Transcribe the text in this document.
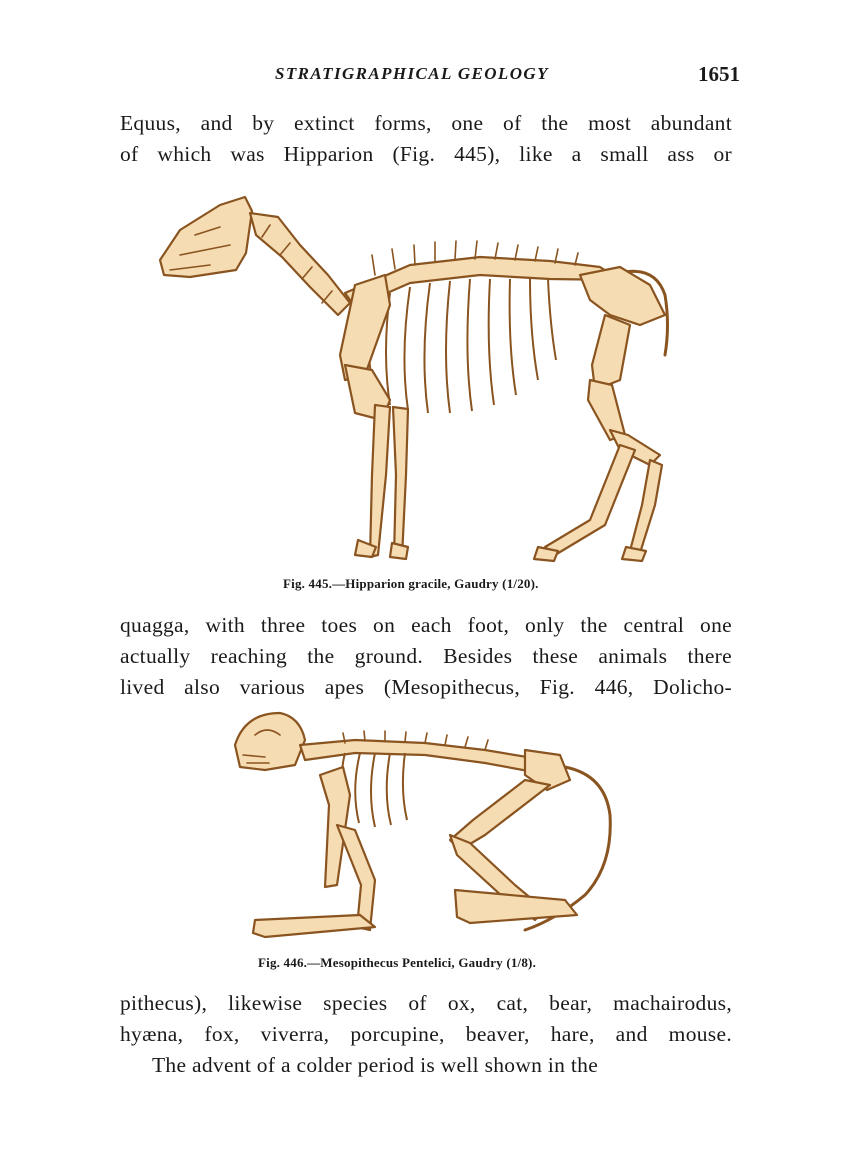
STRATIGRAPHICAL GEOLOGY	1651
Equus, and by extinct forms, one of the most abundant
of which was Hipparion (Fig. 445), like a small ass or
Fig. 445.—Hipparion gracile, Gaudry (1/20).
quagga, with three toes on each foot, only the central one
actually reaching the ground. Besides these animals there
lived also various apes (Mesopithecus, Fig. 446, Dolicho-
Fig. 446.—Mesopithecus Pentelici, Gaudry (1/8).
pithecus), likewise species of ox, cat, bear, machairodus,
hyæna, fox, viverra, porcupine, beaver, hare, and mouse.
The advent of a colder period is well shown in the
